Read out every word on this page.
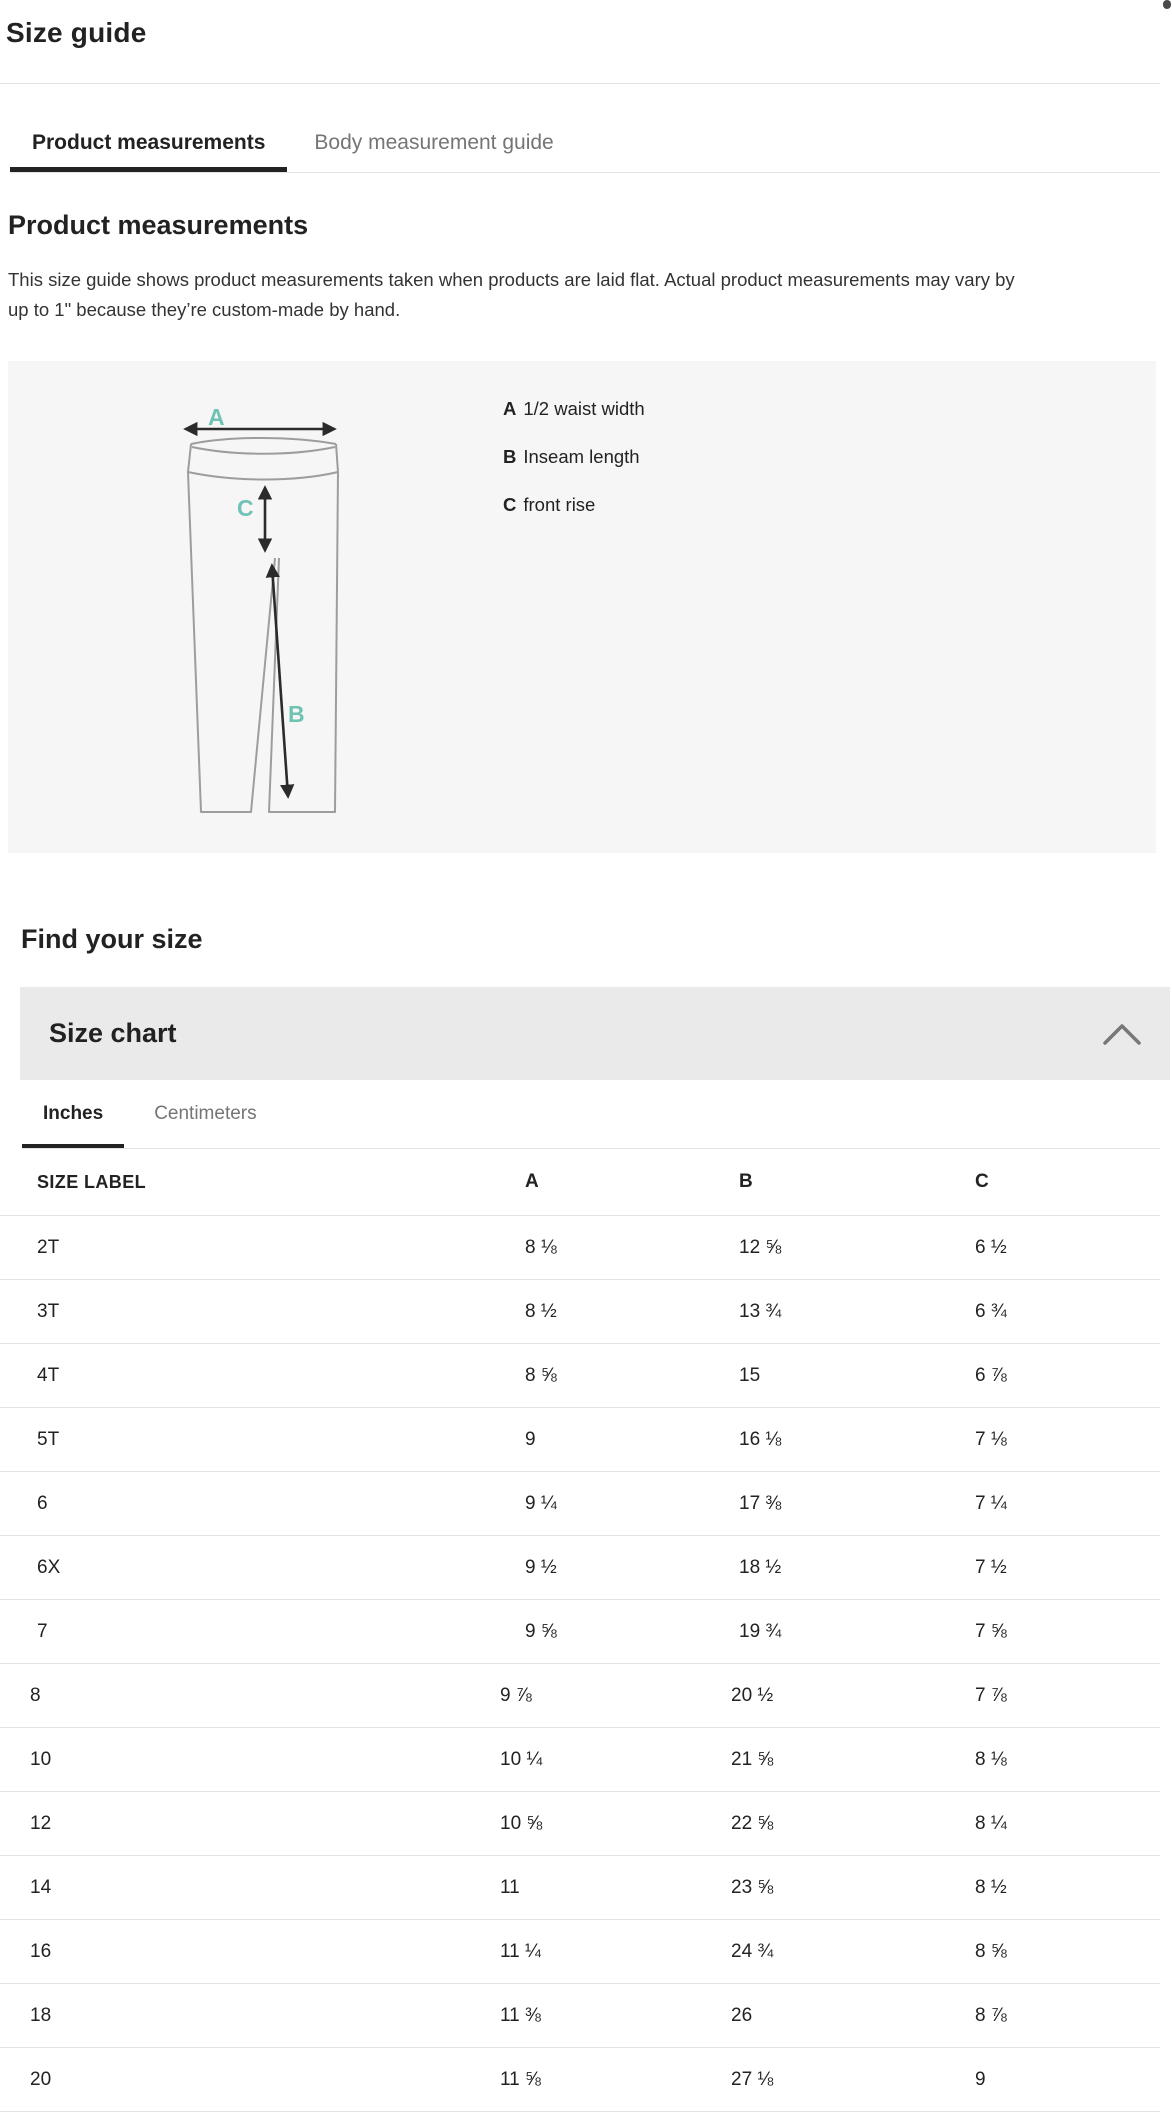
Size guide
Product measurements	Body measurement guide
Product measurements
This size guide shows product measurements taken when products are laid flat. Actual product measurements may vary by
up to 1" because they’re custom-made by hand.
A
C
B
A 1/2 waist width
B Inseam length
C front rise
Find your size
Size chart
Inches	Centimeters
SIZE LABEL	A	B	C
2T	8 ⅛	12 ⅝	6 ½
3T	8 ½	13 ¾	6 ¾
4T	8 ⅝	15	6 ⅞
5T	9	16 ⅛	7 ⅛
6	9 ¼	17 ⅜	7 ¼
6X	9 ½	18 ½	7 ½
7	9 ⅝	19 ¾	7 ⅝
8	9 ⅞	20 ½	7 ⅞
10	10 ¼	21 ⅝	8 ⅛
12	10 ⅝	22 ⅝	8 ¼
14	11	23 ⅝	8 ½
16	11 ¼	24 ¾	8 ⅝
18	11 ⅜	26	8 ⅞
20	11 ⅝	27 ⅛	9
